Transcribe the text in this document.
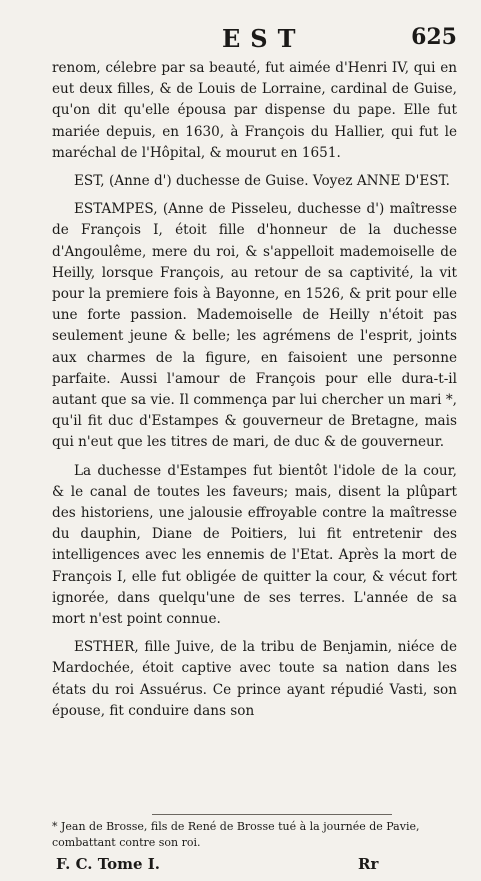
EST	625

renom, célebre par sa beauté, fut aimée d'Henri IV, qui en eut deux filles, & de Louis de Lorraine, cardinal de Guise, qu'on dit qu'elle épousa par dispense du pape. Elle fut mariée depuis, en 1630, à François du Hallier, qui fut le maréchal de l'Hôpital, & mourut en 1651.

EST, (Anne d') duchesse de Guise. Voyez ANNE D'EST.

ESTAMPES, (Anne de Pisseleu, duchesse d') maîtresse de François I, étoit fille d'honneur de la duchesse d'Angoulême, mere du roi, & s'appelloit mademoiselle de Heilly, lorsque François, au retour de sa captivité, la vit pour la premiere fois à Bayonne, en 1526, & prit pour elle une forte passion. Mademoiselle de Heilly n'étoit pas seulement jeune & belle; les agrémens de l'esprit, joints aux charmes de la figure, en faisoient une personne parfaite. Aussi l'amour de François pour elle dura-t-il autant que sa vie. Il commença par lui chercher un mari *, qu'il fit duc d'Estampes & gouverneur de Bretagne, mais qui n'eut que les titres de mari, de duc & de gouverneur.

La duchesse d'Estampes fut bientôt l'idole de la cour, & le canal de toutes les faveurs; mais, disent la plûpart des historiens, une jalousie effroyable contre la maîtresse du dauphin, Diane de Poitiers, lui fit entretenir des intelligences avec les ennemis de l'Etat. Après la mort de François I, elle fut obligée de quitter la cour, & vécut fort ignorée, dans quelqu'une de ses terres. L'année de sa mort n'est point connue.

ESTHER, fille Juive, de la tribu de Benjamin, niéce de Mardochée, étoit captive avec toute sa nation dans les états du roi Assuérus. Ce prince ayant répudié Vasti, son épouse, fit conduire dans son

* Jean de Brosse, fils de René de Brosse tué à la journée de Pavie, combattant contre son roi.

F. C. Tome I.	Rr
